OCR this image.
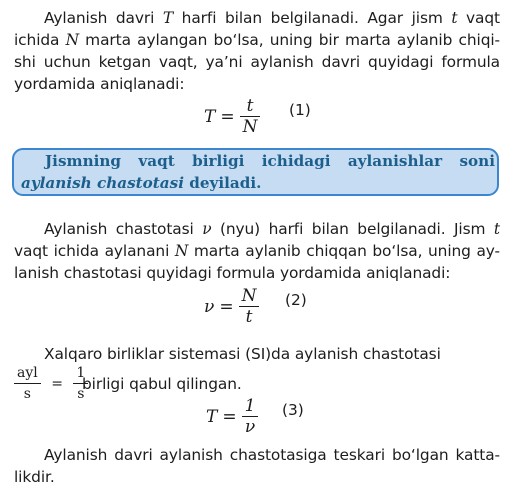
Aylanish davri T harfi bilan belgilanadi. Agar jism t vaqt
ichida N marta aylangan bo‘lsa, uning bir marta aylanib chiqi-
shi uchun ketgan vaqt, ya’ni aylanish davri quyidagi formula
yordamida aniqlanadi:
$T = \frac{t}{N} (1)$
Jismning vaqt birligi ichidagi aylanishlar soni
aylanish chastotasi deyiladi.
Aylanish chastotasi ν (nyu) harfi bilan belgilanadi. Jism t
vaqt ichida aylanani N marta aylanib chiqqan bo‘lsa, uning ay-
lanish chastotasi quyidagi formula yordamida aniqlanadi:
$\nu = \frac{N}{t} (2)$
Xalqaro birliklar sistemasi (SI)da aylanish chastotasi
$\frac{\text{ayl}}{s} = \frac{1}{s}$
birligi qabul qilingan.
$T = \frac{1}{\nu} (3)$
Aylanish davri aylanish chastotasiga teskari bo‘lgan katta-
likdir.
